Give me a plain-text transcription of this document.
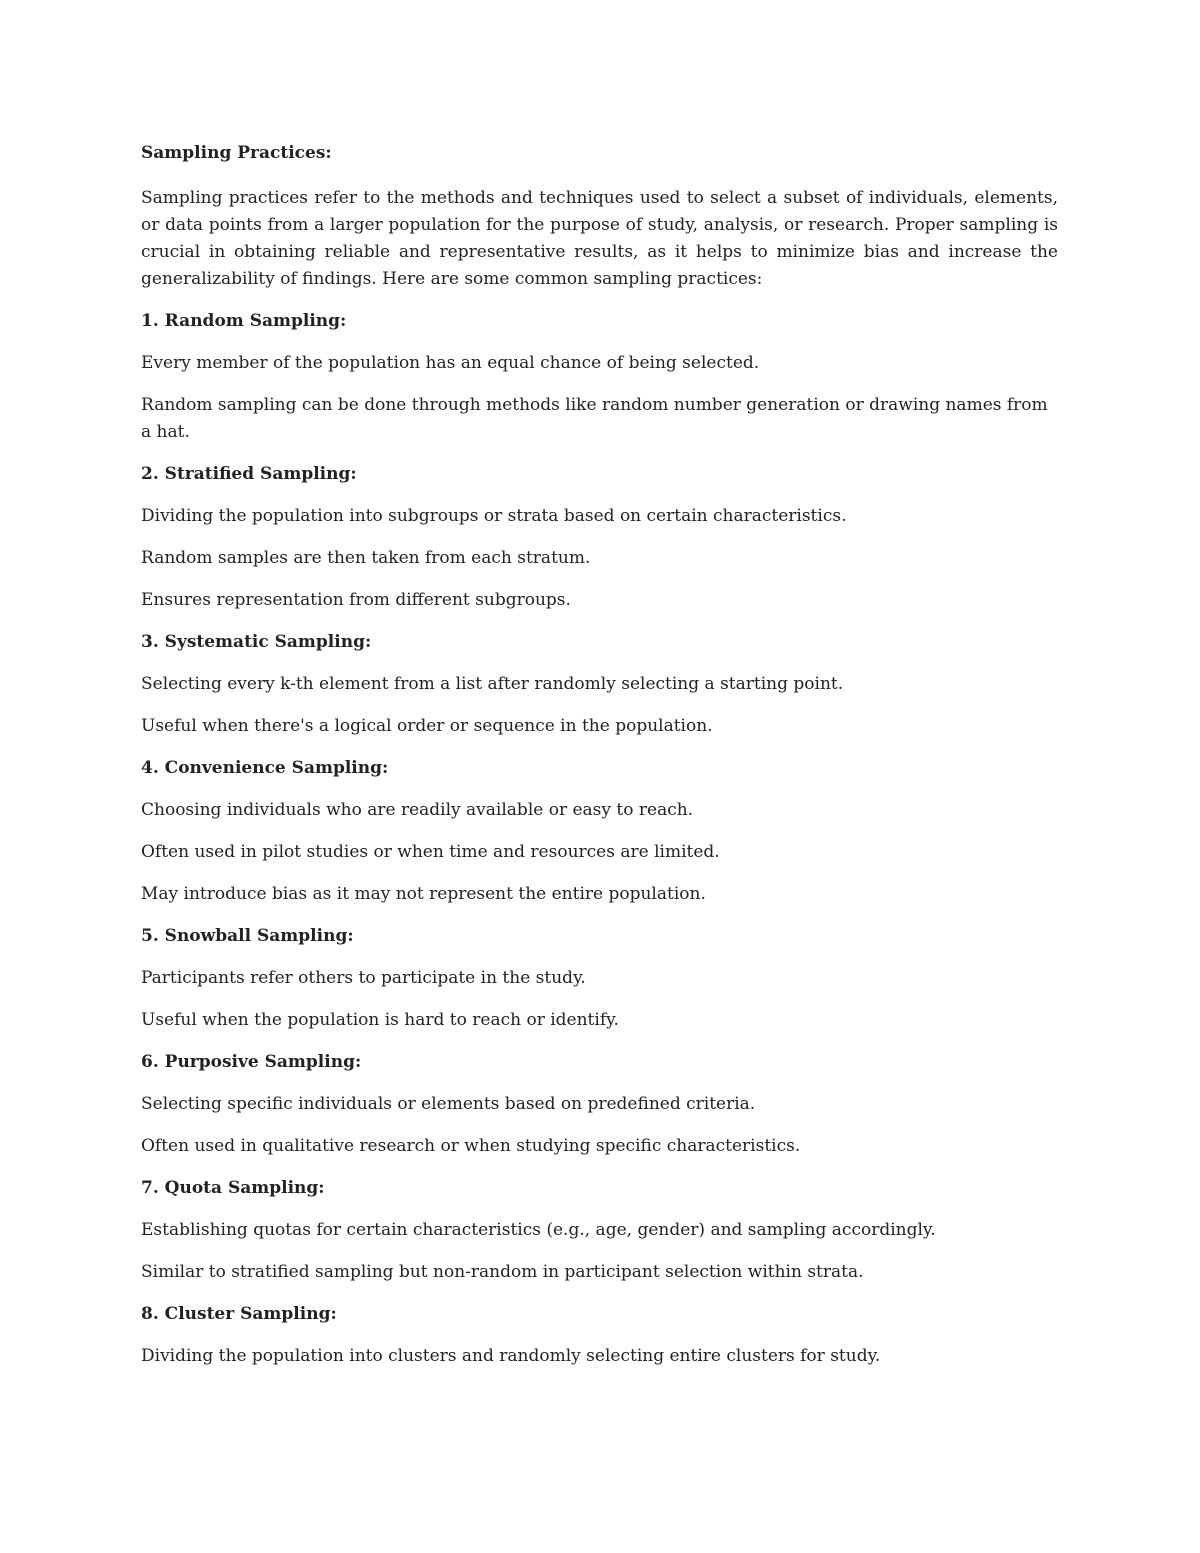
Sampling Practices:
Sampling practices refer to the methods and techniques used to select a subset of individuals, elements, or data points from a larger population for the purpose of study, analysis, or research. Proper sampling is crucial in obtaining reliable and representative results, as it helps to minimize bias and increase the generalizability of findings. Here are some common sampling practices:
1. Random Sampling:
Every member of the population has an equal chance of being selected.
Random sampling can be done through methods like random number generation or drawing names from a hat.
2. Stratified Sampling:
Dividing the population into subgroups or strata based on certain characteristics.
Random samples are then taken from each stratum.
Ensures representation from different subgroups.
3. Systematic Sampling:
Selecting every k-th element from a list after randomly selecting a starting point.
Useful when there's a logical order or sequence in the population.
4. Convenience Sampling:
Choosing individuals who are readily available or easy to reach.
Often used in pilot studies or when time and resources are limited.
May introduce bias as it may not represent the entire population.
5. Snowball Sampling:
Participants refer others to participate in the study.
Useful when the population is hard to reach or identify.
6. Purposive Sampling:
Selecting specific individuals or elements based on predefined criteria.
Often used in qualitative research or when studying specific characteristics.
7. Quota Sampling:
Establishing quotas for certain characteristics (e.g., age, gender) and sampling accordingly.
Similar to stratified sampling but non-random in participant selection within strata.
8. Cluster Sampling:
Dividing the population into clusters and randomly selecting entire clusters for study.
